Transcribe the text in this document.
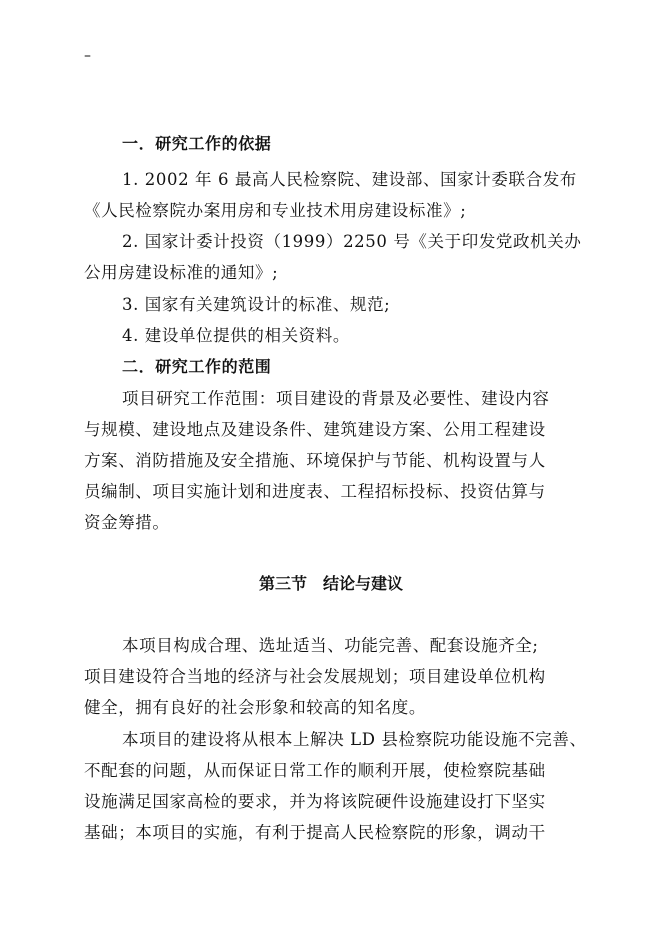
–
一．研究工作的依据
1. 2002 年 6 最高人民检察院、建设部、国家计委联合发布
《人民检察院办案用房和专业技术用房建设标准》;
2. 国家计委计投资（1999）2250 号《关于印发党政机关办
公用房建设标准的通知》;
3. 国家有关建筑设计的标准、规范;
4. 建设单位提供的相关资料。
二．研究工作的范围
项目研究工作范围：项目建设的背景及必要性、建设内容
与规模、建设地点及建设条件、建筑建设方案、公用工程建设
方案、消防措施及安全措施、环境保护与节能、机构设置与人
员编制、项目实施计划和进度表、工程招标投标、投资估算与
资金筹措。
第三节　结论与建议
本项目构成合理、选址适当、功能完善、配套设施齐全;
项目建设符合当地的经济与社会发展规划；项目建设单位机构
健全，拥有良好的社会形象和较高的知名度。
本项目的建设将从根本上解决 LD 县检察院功能设施不完善、
不配套的问题，从而保证日常工作的顺利开展，使检察院基础
设施满足国家高检的要求，并为将该院硬件设施建设打下坚实
基础；本项目的实施，有利于提高人民检察院的形象，调动干
